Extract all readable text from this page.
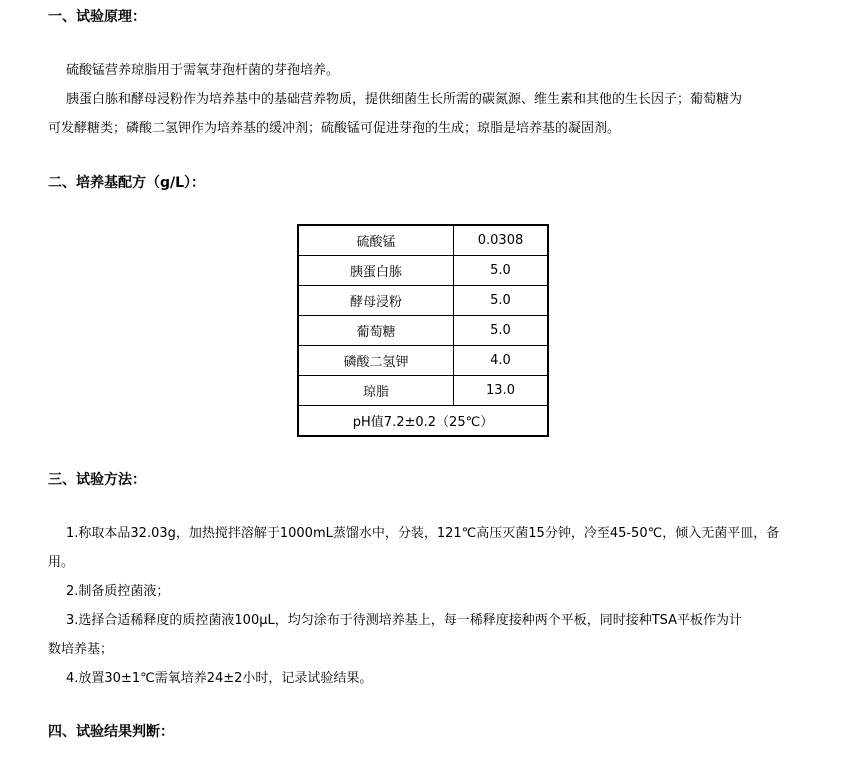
一、试验原理：
硫酸锰营养琼脂用于需氧芽孢杆菌的芽孢培养。
胰蛋白胨和酵母浸粉作为培养基中的基础营养物质，提供细菌生长所需的碳氮源、维生素和其他的生长因子；葡萄糖为
可发酵糖类；磷酸二氢钾作为培养基的缓冲剂；硫酸锰可促进芽孢的生成；琼脂是培养基的凝固剂。
二、培养基配方（g/L）：
硫酸锰	0.0308
胰蛋白胨	5.0
酵母浸粉	5.0
葡萄糖	5.0
磷酸二氢钾	4.0
琼脂	13.0
pH值7.2±0.2（25℃）	
三、试验方法：
1.称取本品32.03g，加热搅拌溶解于1000mL蒸馏水中，分装，121℃高压灭菌15分钟，冷至45-50℃，倾入无菌平皿，备
用。
2.制备质控菌液；
3.选择合适稀释度的质控菌液100μL，均匀涂布于待测培养基上，每一稀释度接种两个平板，同时接种TSA平板作为计
数培养基；
4.放置30±1℃需氧培养24±2小时，记录试验结果。
四、试验结果判断：
